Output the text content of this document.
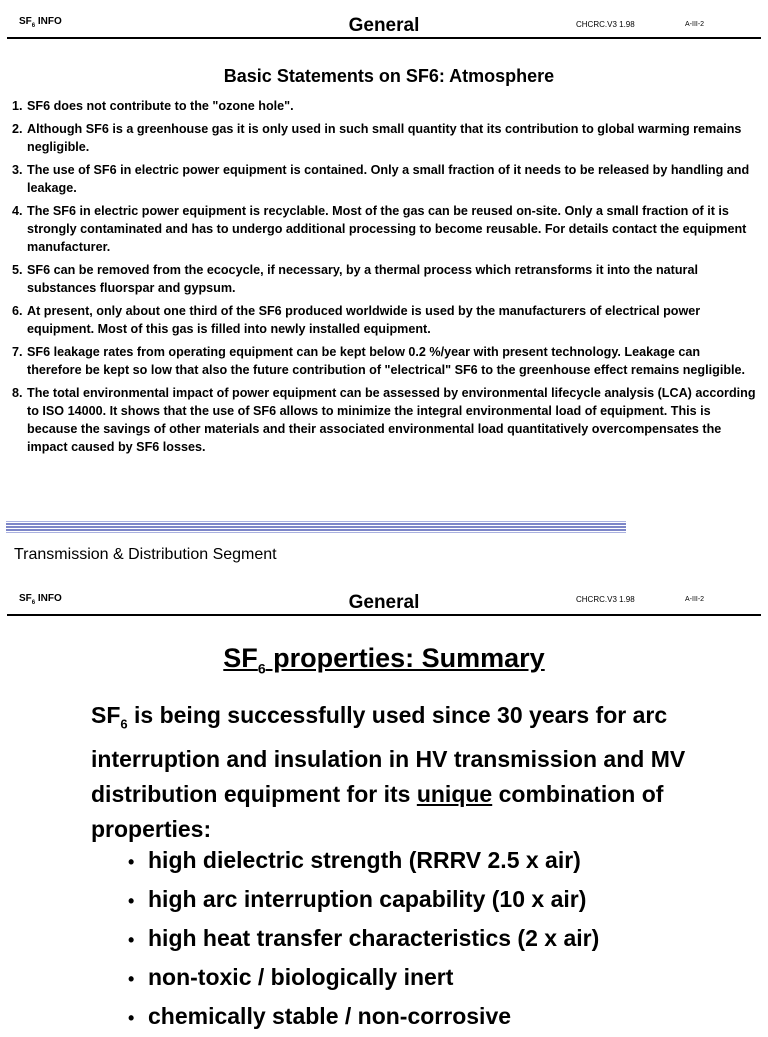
$SF_6$ INFO	General	CHCRC.V3 1.98	A-III-2
Basic Statements on SF6: Atmosphere
1. SF6 does not contribute to the "ozone hole".
2. Although SF6 is a greenhouse gas it is only used in such small quantity that its contribution to global warming remains negligible.
3. The use of SF6 in electric power equipment is contained. Only a small fraction of it needs to be released by handling and leakage.
4. The SF6 in electric power equipment is recyclable. Most of the gas can be reused on-site. Only a small fraction of it is strongly contaminated and has to undergo additional processing to become reusable. For details contact the equipment manufacturer.
5. SF6 can be removed from the ecocycle, if necessary, by a thermal process which retransforms it into the natural substances fluorspar and gypsum.
6. At present, only about one third of the SF6 produced worldwide is used by the manufacturers of electrical power equipment. Most of this gas is filled into newly installed equipment.
7. SF6 leakage rates from operating equipment can be kept below 0.2 %/year with present technology. Leakage can therefore be kept so low that also the future contribution of "electrical" SF6 to the greenhouse effect remains negligible.
8. The total environmental impact of power equipment can be assessed by environmental lifecycle analysis (LCA) according to ISO 14000. It shows that the use of SF6 allows to minimize the integral environmental load of equipment. This is because the savings of other materials and their associated environmental load quantitatively overcompensates the impact caused by SF6 losses.
Transmission & Distribution Segment
$SF_6$ INFO	General	CHCRC.V3 1.98	A-III-2
$SF_6$ properties: Summary
$SF_6$ is being successfully used since 30 years for arc interruption and insulation in HV transmission and MV distribution equipment for its unique combination of properties:
• high dielectric strength (RRRV 2.5 x air)
• high arc interruption capability (10 x air)
• high heat transfer characteristics (2 x air)
• non-toxic / biologically inert
• chemically stable / non-corrosive
